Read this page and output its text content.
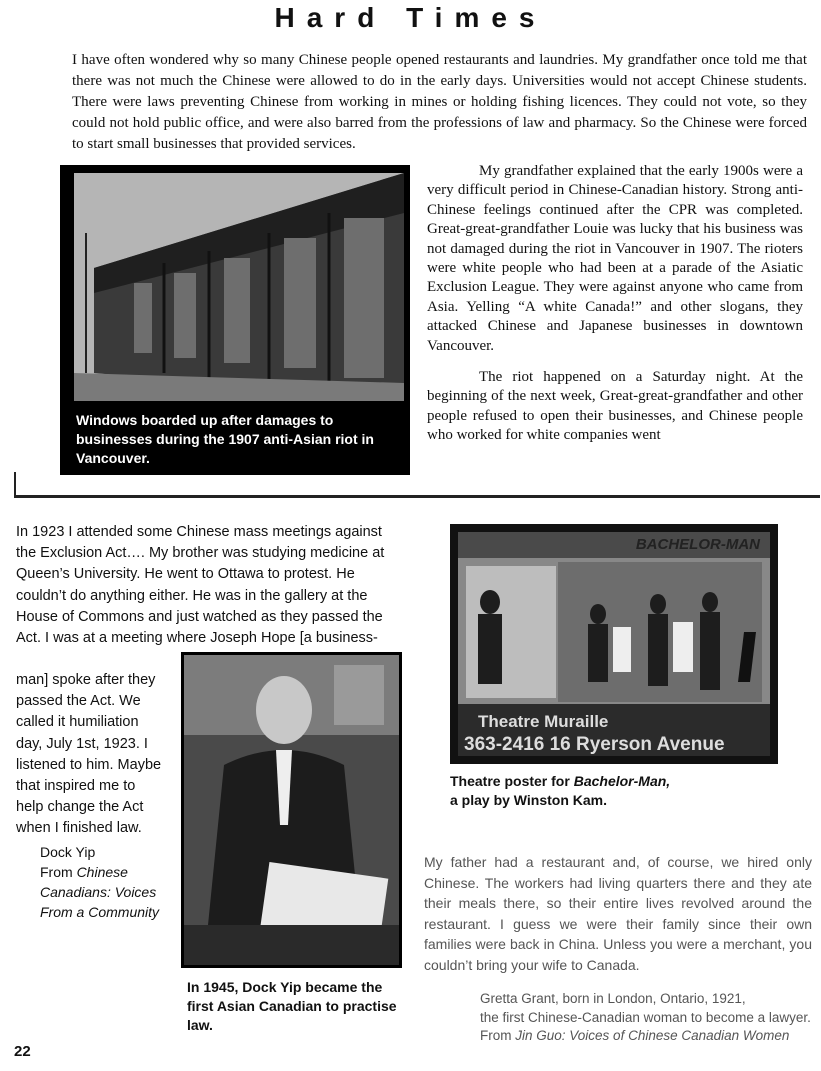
Hard Times
I have often wondered why so many Chinese people opened restaurants and laundries. My grandfather once told me that there was not much the Chinese were allowed to do in the early days. Universities would not accept Chinese students. There were laws preventing Chinese from working in mines or holding fishing licences. They could not vote, so they could not hold public office, and were also barred from the professions of law and pharmacy. So the Chinese were forced to start small businesses that provided services.
Windows boarded up after damages to businesses during the 1907 anti-Asian riot in Vancouver.

My grandfather explained that the early 1900s were a very difficult period in Chinese-Canadian history. Strong anti-Chinese feelings continued after the CPR was completed. Great-great-grandfather Louie was lucky that his business was not damaged during the riot in Vancouver in 1907. The rioters were white people who had been at a parade of the Asiatic Exclusion League. They were against anyone who came from Asia. Yelling “A white Canada!” and other slogans, they attacked Chinese and Japanese businesses in downtown Vancouver.

The riot happened on a Saturday night. At the beginning of the next week, Great-great-grandfather and other people refused to open their businesses, and Chinese people who worked for white companies went

In 1923 I attended some Chinese mass meetings against the Exclusion Act…. My brother was studying medicine at Queen’s University. He went to Ottawa to protest. He couldn’t do anything either. He was in the gallery at the House of Commons and just watched as they passed the Act. I was at a meeting where Joseph Hope [a business-
man] spoke after they passed the Act. We called it humiliation day, July 1st, 1923. I listened to him. Maybe that inspired me to help change the Act when I finished law.
Dock Yip
From Chinese Canadians: Voices From a Community
In 1945, Dock Yip became the first Asian Canadian to practise law.
BACHELOR-MAN
Theatre Muraille
363-2416 16 Ryerson Avenue
Theatre poster for Bachelor-Man,
a play by Winston Kam.
My father had a restaurant and, of course, we hired only Chinese. The workers had living quarters there and they ate their meals there, so their entire lives revolved around the restaurant. I guess we were their family since their own families were back in China. Unless you were a merchant, you couldn’t bring your wife to Canada.
Gretta Grant, born in London, Ontario, 1921,
the first Chinese-Canadian woman to become a lawyer.
From Jin Guo: Voices of Chinese Canadian Women
22
